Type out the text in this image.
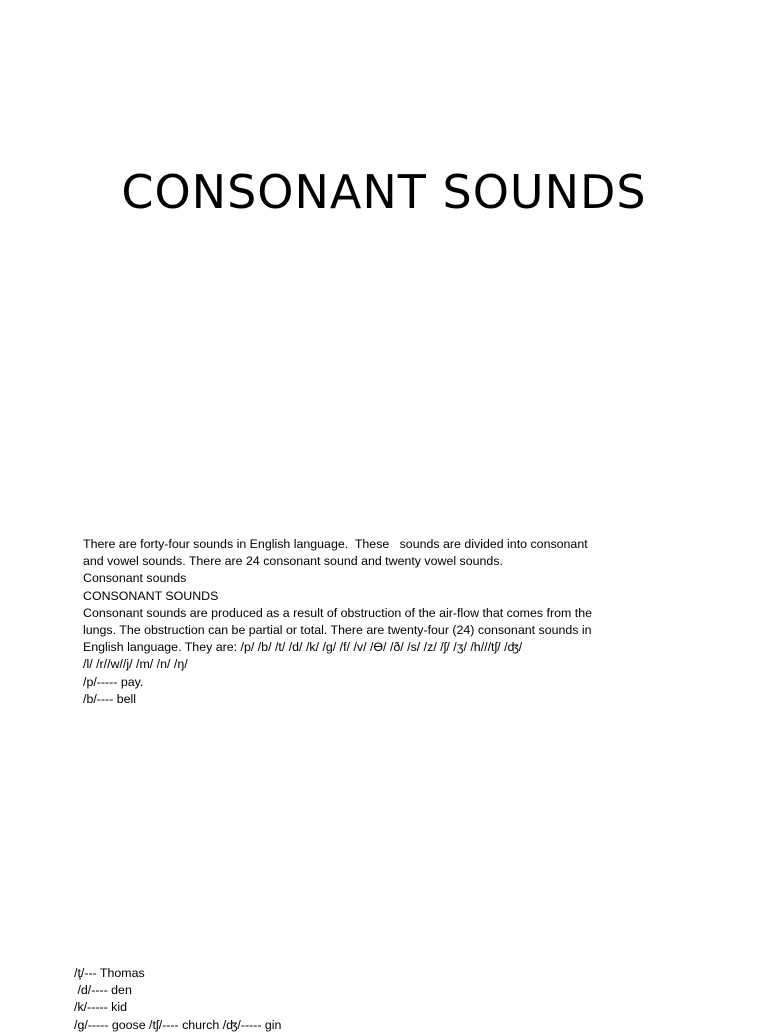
CONSONANT SOUNDS
There are forty-four sounds in English language.  These   sounds are divided into consonant
and vowel sounds. There are 24 consonant sound and twenty vowel sounds.
Consonant sounds
CONSONANT SOUNDS
Consonant sounds are produced as a result of obstruction of the air-flow that comes from the
lungs. The obstruction can be partial or total. There are twenty-four (24) consonant sounds in
English language. They are: /p/ /b/ /t/ /d/ /k/ /g/ /f/ /v/ /Ɵ/ /ð/ /s/ /z/ /ʃ/ /ʒ/ /h///tʃ/ /ʤ/
/l/ /r//w//j/ /m/ /n/ /ŋ/
/p/----- pay.
/b/---- bell
/ţ/--- Thomas
/d/---- den
/k/----- kid
/g/----- goose /tʃ/---- church /ʤ/----- gin
